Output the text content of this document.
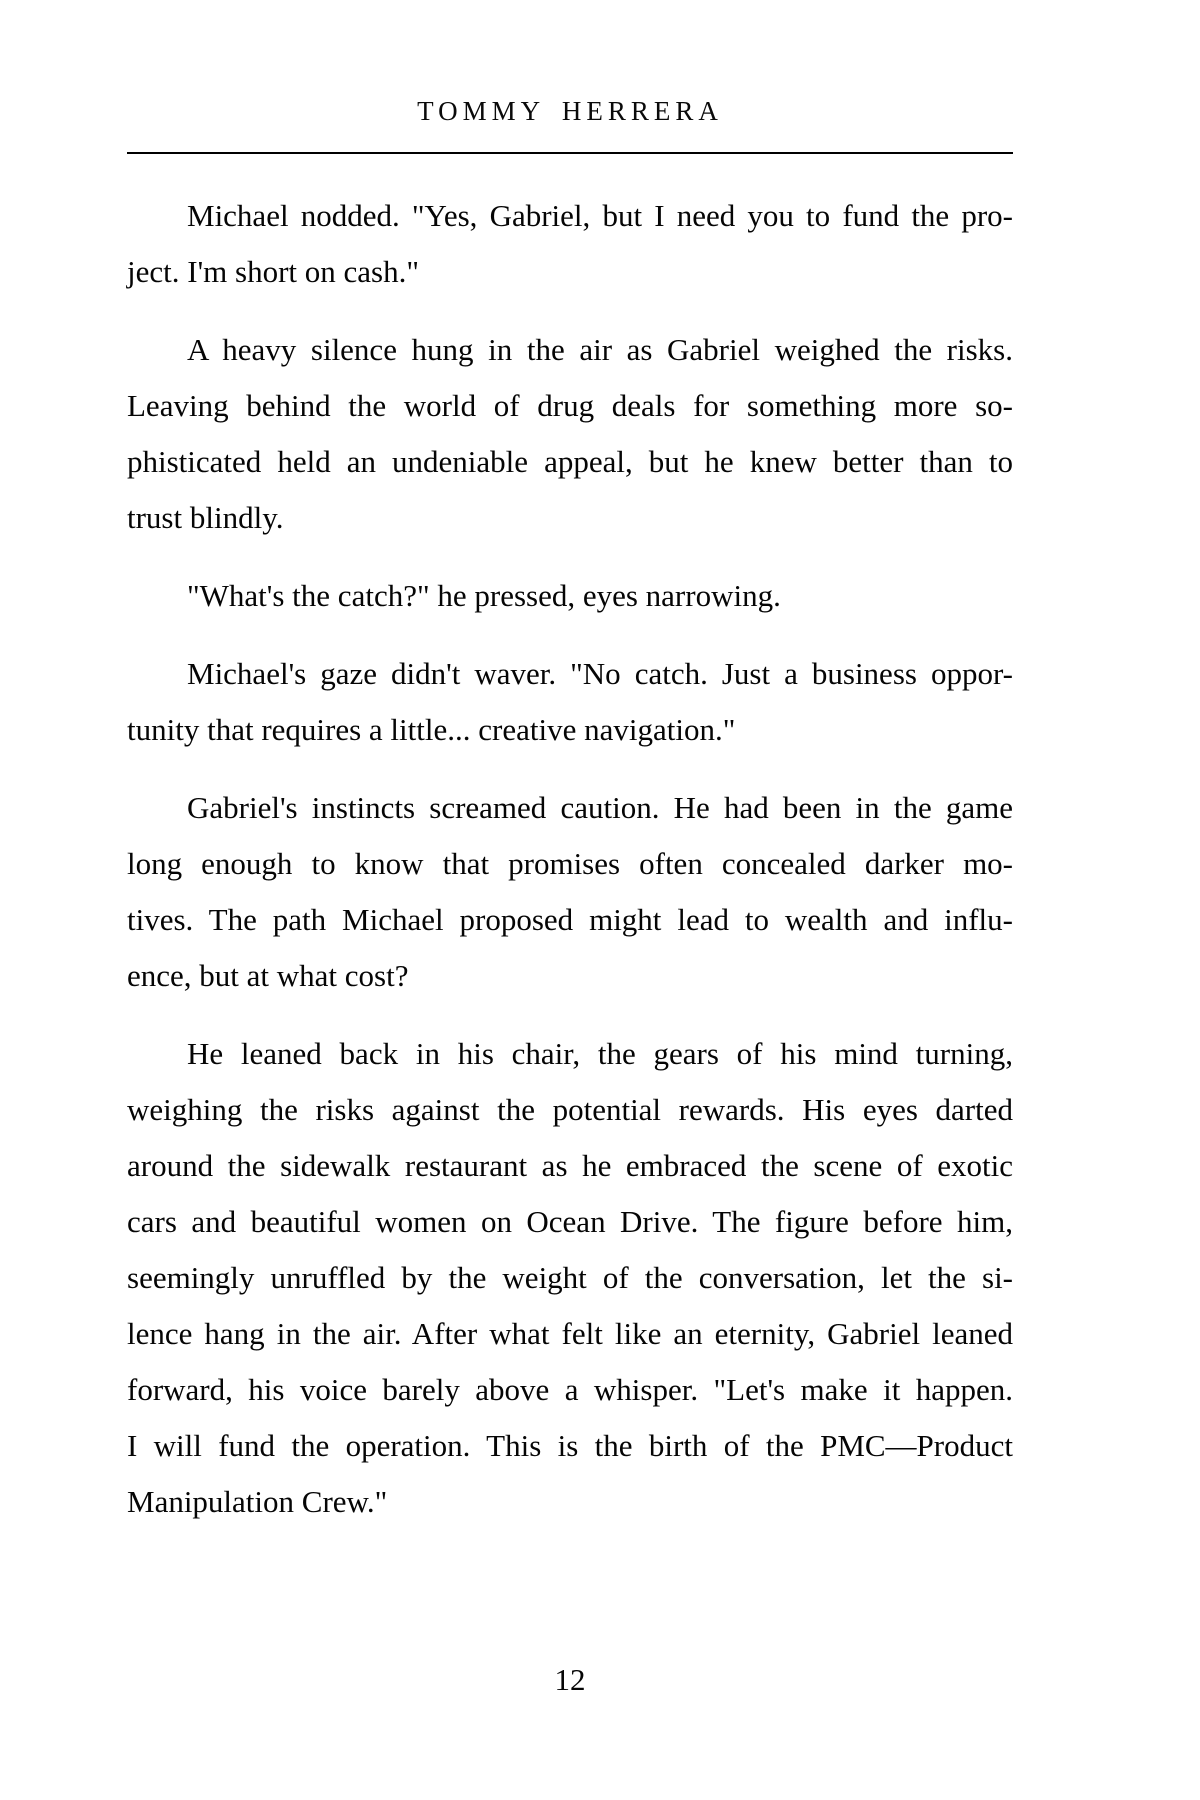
TOMMY HERRERA
Michael nodded. "Yes, Gabriel, but I need you to fund the pro-
ject. I'm short on cash."
A heavy silence hung in the air as Gabriel weighed the risks.
Leaving behind the world of drug deals for something more so-
phisticated held an undeniable appeal, but he knew better than to
trust blindly.
"What's the catch?" he pressed, eyes narrowing.
Michael's gaze didn't waver. "No catch. Just a business oppor-
tunity that requires a little... creative navigation."
Gabriel's instincts screamed caution. He had been in the game
long enough to know that promises often concealed darker mo-
tives. The path Michael proposed might lead to wealth and influ-
ence, but at what cost?
He leaned back in his chair, the gears of his mind turning,
weighing the risks against the potential rewards. His eyes darted
around the sidewalk restaurant as he embraced the scene of exotic
cars and beautiful women on Ocean Drive. The figure before him,
seemingly unruffled by the weight of the conversation, let the si-
lence hang in the air. After what felt like an eternity, Gabriel leaned
forward, his voice barely above a whisper. "Let's make it happen.
I will fund the operation. This is the birth of the PMC—Product
Manipulation Crew."
12
